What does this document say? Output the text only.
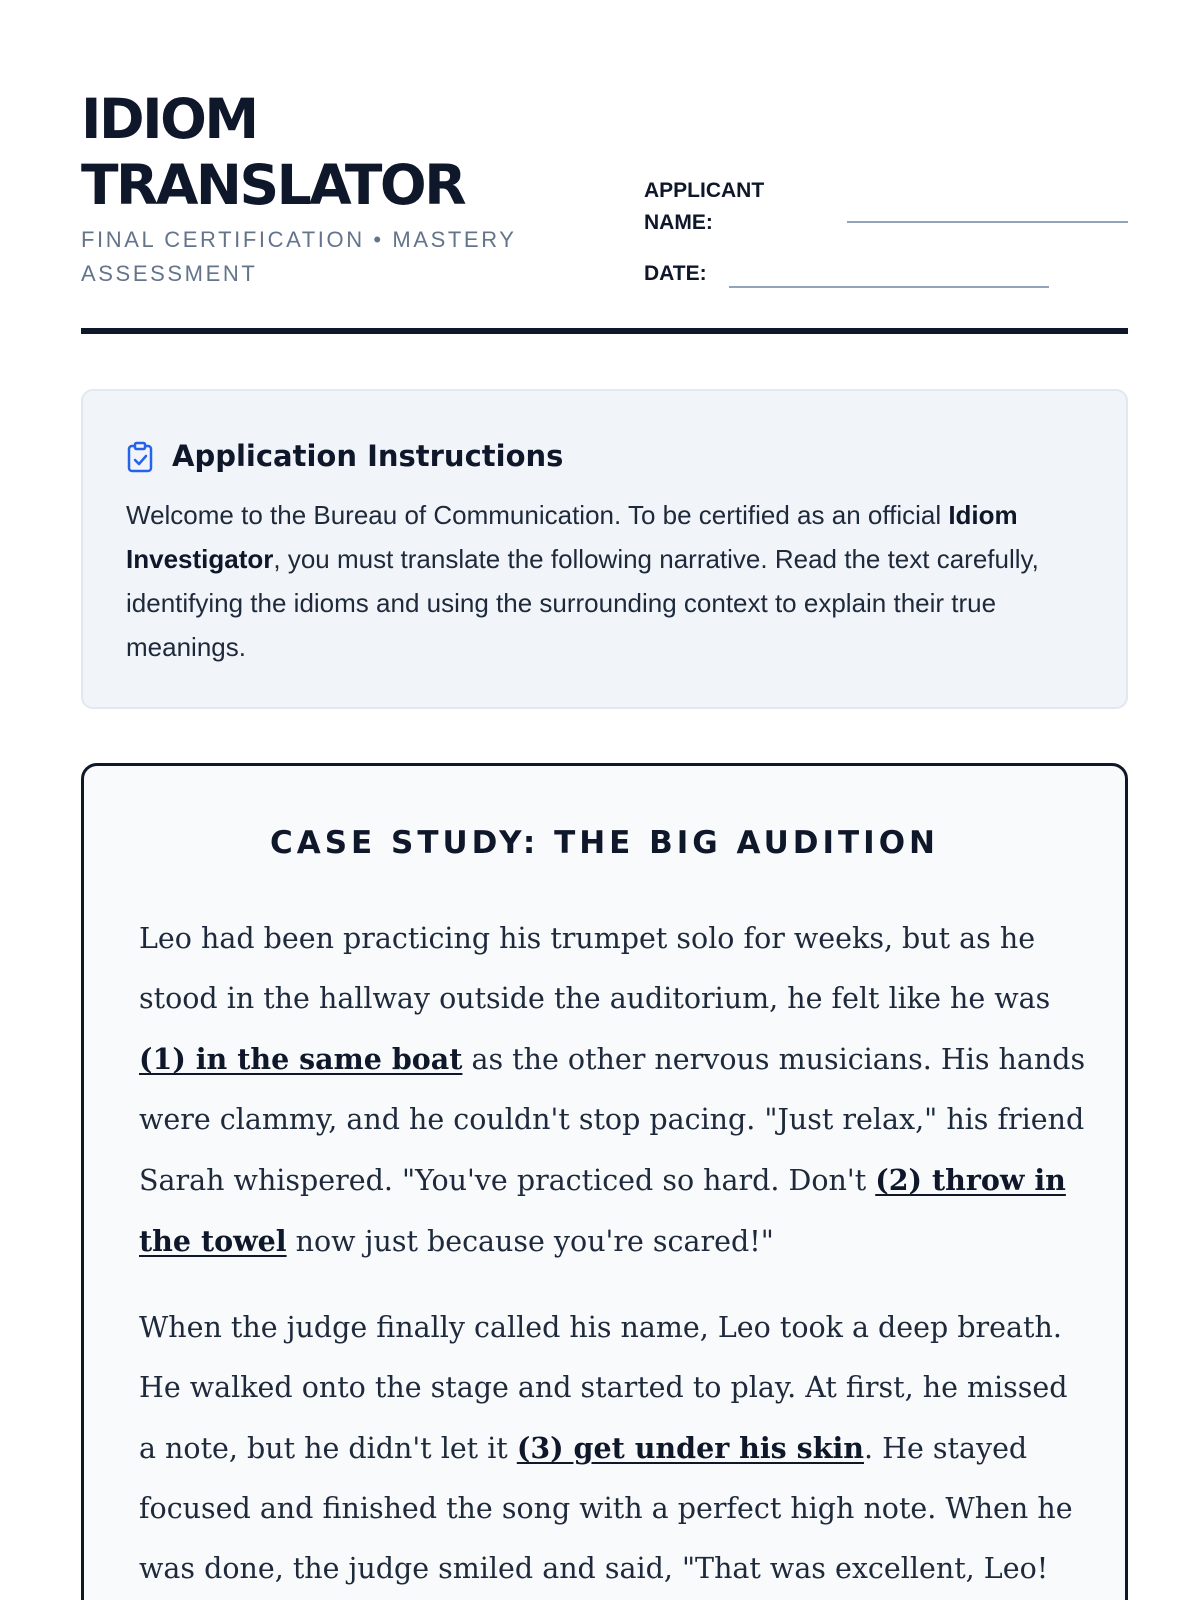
IDIOM
TRANSLATOR
FINAL CERTIFICATION • MASTERY
ASSESSMENT
APPLICANT
NAME:
DATE:
Application Instructions
Welcome to the Bureau of Communication. To be certified as an official Idiom Investigator, you must translate the following narrative. Read the text carefully, identifying the idioms and using the surrounding context to explain their true meanings.
CASE STUDY: THE BIG AUDITION
Leo had been practicing his trumpet solo for weeks, but as he stood in the hallway outside the auditorium, he felt like he was (1) in the same boat as the other nervous musicians. His hands were clammy, and he couldn't stop pacing. "Just relax," his friend Sarah whispered. "You've practiced so hard. Don't (2) throw in the towel now just because you're scared!"
When the judge finally called his name, Leo took a deep breath. He walked onto the stage and started to play. At first, he missed a note, but he didn't let it (3) get under his skin. He stayed focused and finished the song with a perfect high note. When he was done, the judge smiled and said, "That was excellent, Leo!
